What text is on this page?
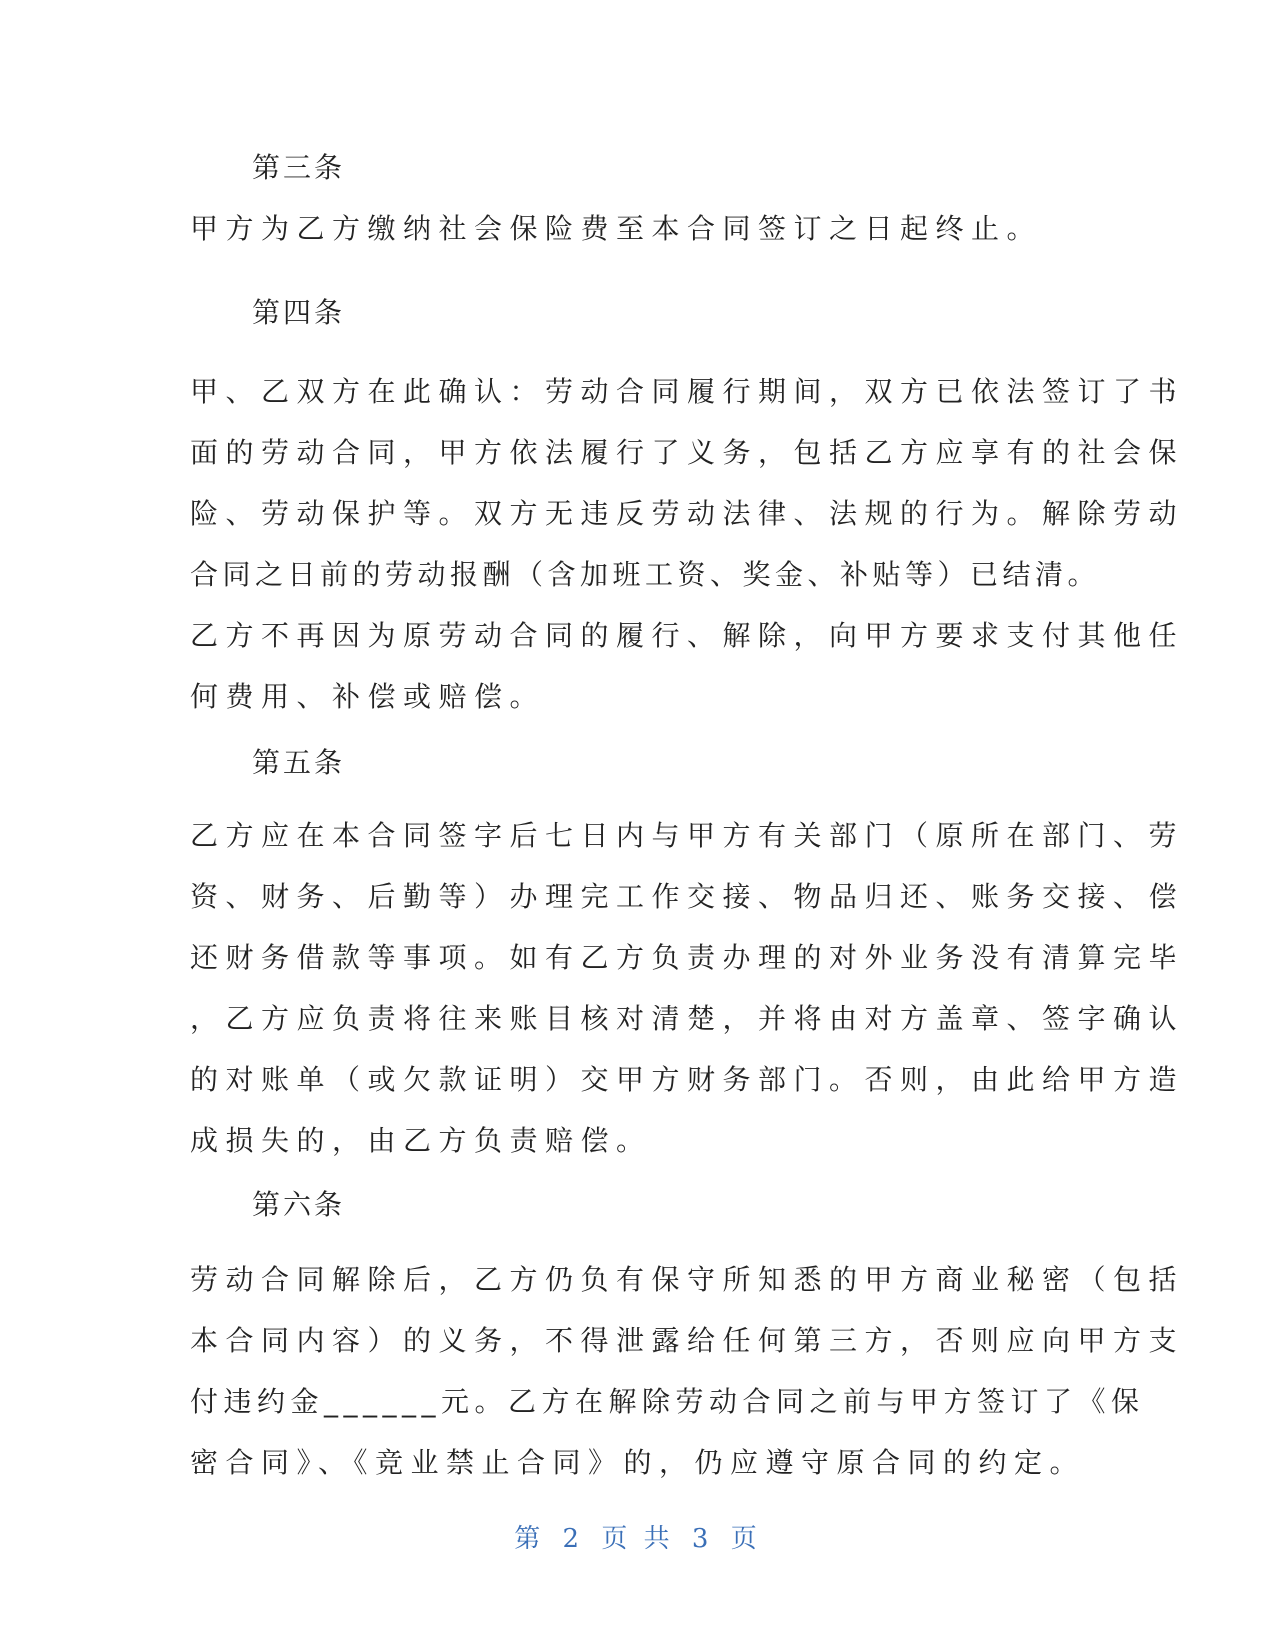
第三条

甲方为乙方缴纳社会保险费至本合同签订之日起终止。

第四条

甲、乙双方在此确认：劳动合同履行期间，双方已依法签订了书
面的劳动合同，甲方依法履行了义务，包括乙方应享有的社会保
险、劳动保护等。双方无违反劳动法律、法规的行为。解除劳动
合同之日前的劳动报酬（含加班工资、奖金、补贴等）已结清。
乙方不再因为原劳动合同的履行、解除，向甲方要求支付其他任
何费用、补偿或赔偿。

第五条

乙方应在本合同签字后七日内与甲方有关部门（原所在部门、劳
资、财务、后勤等）办理完工作交接、物品归还、账务交接、偿
还财务借款等事项。如有乙方负责办理的对外业务没有清算完毕
，乙方应负责将往来账目核对清楚，并将由对方盖章、签字确认
的对账单（或欠款证明）交甲方财务部门。否则，由此给甲方造
成损失的，由乙方负责赔偿。

第六条

劳动合同解除后，乙方仍负有保守所知悉的甲方商业秘密（包括
本合同内容）的义务，不得泄露给任何第三方，否则应向甲方支
付违约金______元。乙方在解除劳动合同之前与甲方签订了《保
密合同》、《竞业禁止合同》的，仍应遵守原合同的约定。
第 2 页 共 3 页
